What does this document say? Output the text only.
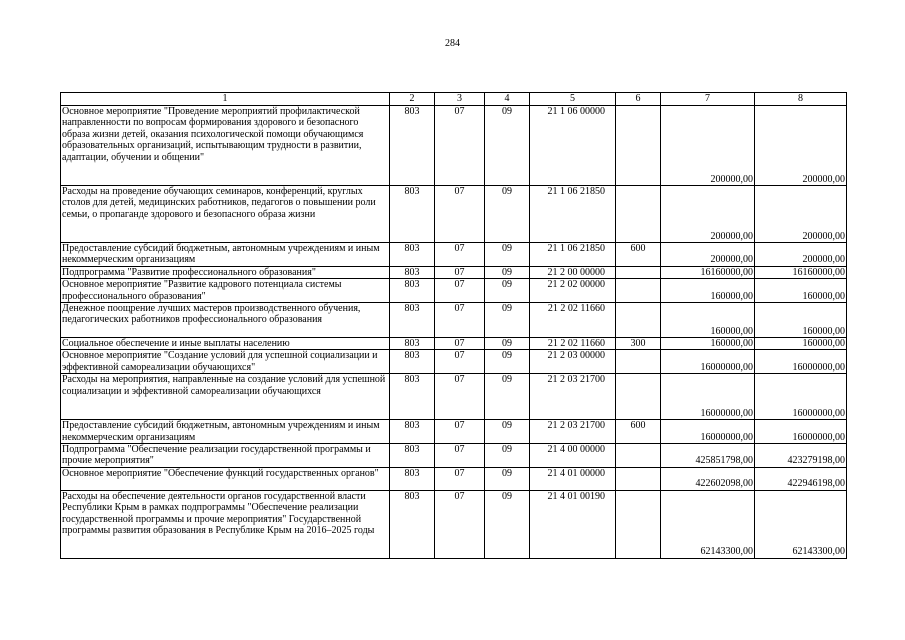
284
1	2	3	4	5	6	7	8
Основное мероприятие "Проведение мероприятий профилактической направленности по вопросам формирования здорового и безопасного образа жизни детей, оказания психологической помощи обучающимся образовательных организаций, испытывающим трудности в развитии, адаптации, обучении и общении"	803	07	09	21 1 06 00000		200000,00	200000,00
Расходы на проведение обучающих семинаров, конференций, круглых столов для детей, медицинских работников, педагогов о повышении роли семьи, о пропаганде здорового и безопасного образа жизни	803	07	09	21 1 06 21850		200000,00	200000,00
Предоставление субсидий бюджетным, автономным учреждениям и иным некоммерческим организациям	803	07	09	21 1 06 21850	600	200000,00	200000,00
Подпрограмма "Развитие профессионального образования"	803	07	09	21 2 00 00000		16160000,00	16160000,00
Основное мероприятие "Развитие кадрового потенциала системы профессионального образования"	803	07	09	21 2 02 00000		160000,00	160000,00
Денежное поощрение лучших мастеров производственного обучения, педагогических работников профессионального образования	803	07	09	21 2 02 11660		160000,00	160000,00
Социальное обеспечение и иные выплаты населению	803	07	09	21 2 02 11660	300	160000,00	160000,00
Основное мероприятие "Создание условий для успешной социализации и эффективной самореализации обучающихся"	803	07	09	21 2 03 00000		16000000,00	16000000,00
Расходы на мероприятия, направленные на создание условий для успешной социализации и эффективной самореализации обучающихся	803	07	09	21 2 03 21700		16000000,00	16000000,00
Предоставление субсидий бюджетным, автономным учреждениям и иным некоммерческим организациям	803	07	09	21 2 03 21700	600	16000000,00	16000000,00
Подпрограмма "Обеспечение реализации государственной программы и прочие мероприятия"	803	07	09	21 4 00 00000		425851798,00	423279198,00
Основное мероприятие "Обеспечение функций государственных органов"	803	07	09	21 4 01 00000		422602098,00	422946198,00
Расходы на обеспечение деятельности органов государственной власти Республики Крым в рамках подпрограммы "Обеспечение реализации государственной программы и прочие мероприятия" Государственной программы развития образования в Республике Крым на 2016–2025 годы	803	07	09	21 4 01 00190		62143300,00	62143300,00
